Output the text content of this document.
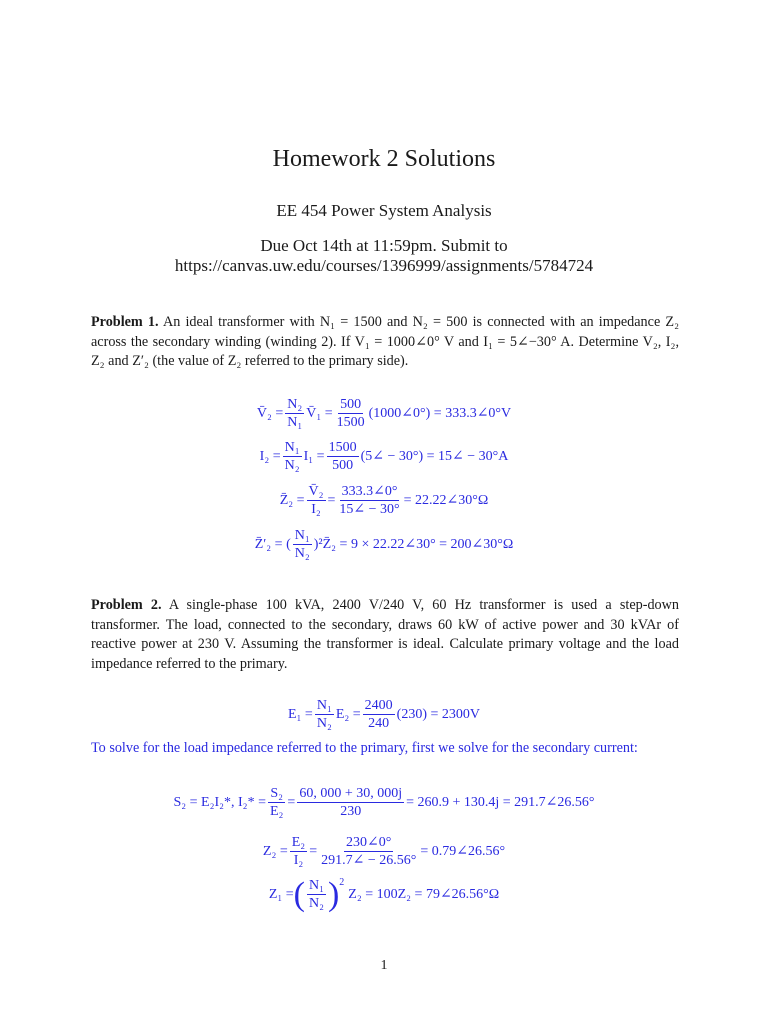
Homework 2 Solutions
EE 454 Power System Analysis
Due Oct 14th at 11:59pm. Submit to
https://canvas.uw.edu/courses/1396999/assignments/5784724
Problem 1. An ideal transformer with N₁ = 1500 and N₂ = 500 is connected with an impedance Z₂ across the secondary winding (winding 2). If V₁ = 1000∠0° V and I₁ = 5∠−30° A. Determine V₂, I₂, Z₂ and Z′₂ (the value of Z₂ referred to the primary side).
V̄₂ = $\frac{\text{N₂}}{\text{N₁}}$ V̄₁ = $\frac{500}{1500}$ (1000∠0°) = 333.3∠0°V
$I_2 = \frac{\text{N₁}}{\text{N₂}} I_1 = \frac{1500}{500}$ (5∠ − 30°) = 15∠ − 30°A
Z̄₂ = $\frac{\text{V̄₂}}{\text{I₂}} = \frac{333.3\angle 0^\circ}{15\angle - 30^\circ}$ = 22.22∠30°Ω
Z̄′₂ = ( $\frac{\text{N₁}}{\text{N₂}}$ )²Z̄₂ = 9 × 22.22∠30° = 200∠30°Ω
Problem 2. A single-phase 100 kVA, 2400 V/240 V, 60 Hz transformer is used a step-down transformer. The load, connected to the secondary, draws 60 kW of active power and 30 kVAr of reactive power at 230 V. Assuming the transformer is ideal. Calculate primary voltage and the load impedance referred to the primary.
$E_1 = \frac{\text{N₁}}{\text{N₂}} E_2 = \frac{2400}{240} (230) = 2300V$
To solve for the load impedance referred to the primary, first we solve for the secondary current:
S₂ = E₂I₂*, $I_2* = \frac{\text{S₂}}{\text{E₂}} = \frac{60, 000 + 30, 000j}{230} = 260.9 + 130.4j$ = 291.7∠26.56°
$Z_2 = \frac{\text{E₂}}{\text{I₂}} = \frac{230\angle 0^\circ}{291.7\angle - 26.56^\circ}$ = 0.79∠26.56°
Z₁ = ( $\frac{\text{N₁}}{\text{N₂}} )^2$
Z₂ = 100Z₂ = 79∠26.56°Ω
1
